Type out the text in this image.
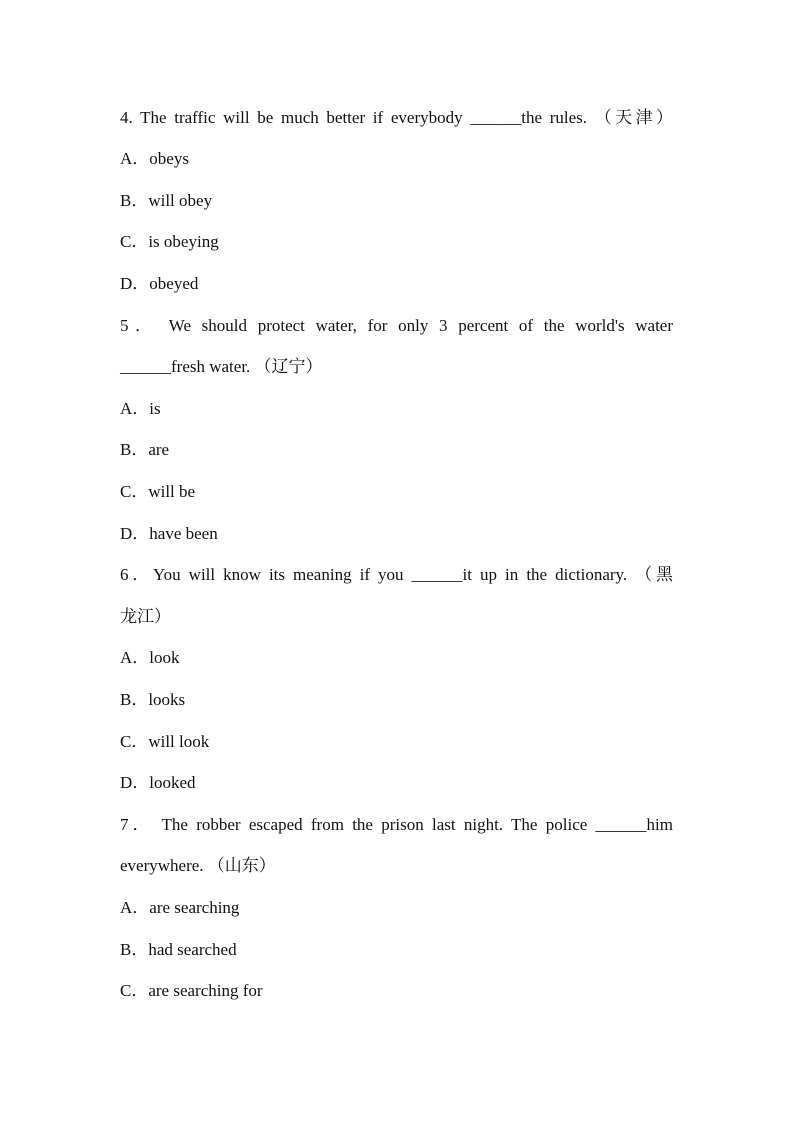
4. The traffic will be much better if everybody ______the rules. （天津）
A．obeys
B．will obey
C．is obeying
D．obeyed
5． We should protect water, for only 3 percent of the world's water
______fresh water. （辽宁）
A．is
B．are
C．will be
D．have been
6．You will know its meaning if you ______it up in the dictionary. （黑
龙江）
A．look
B．looks
C．will look
D．looked
7． The robber escaped from the prison last night. The police ______him
everywhere. （山东）
A．are searching
B．had searched
C．are searching for
